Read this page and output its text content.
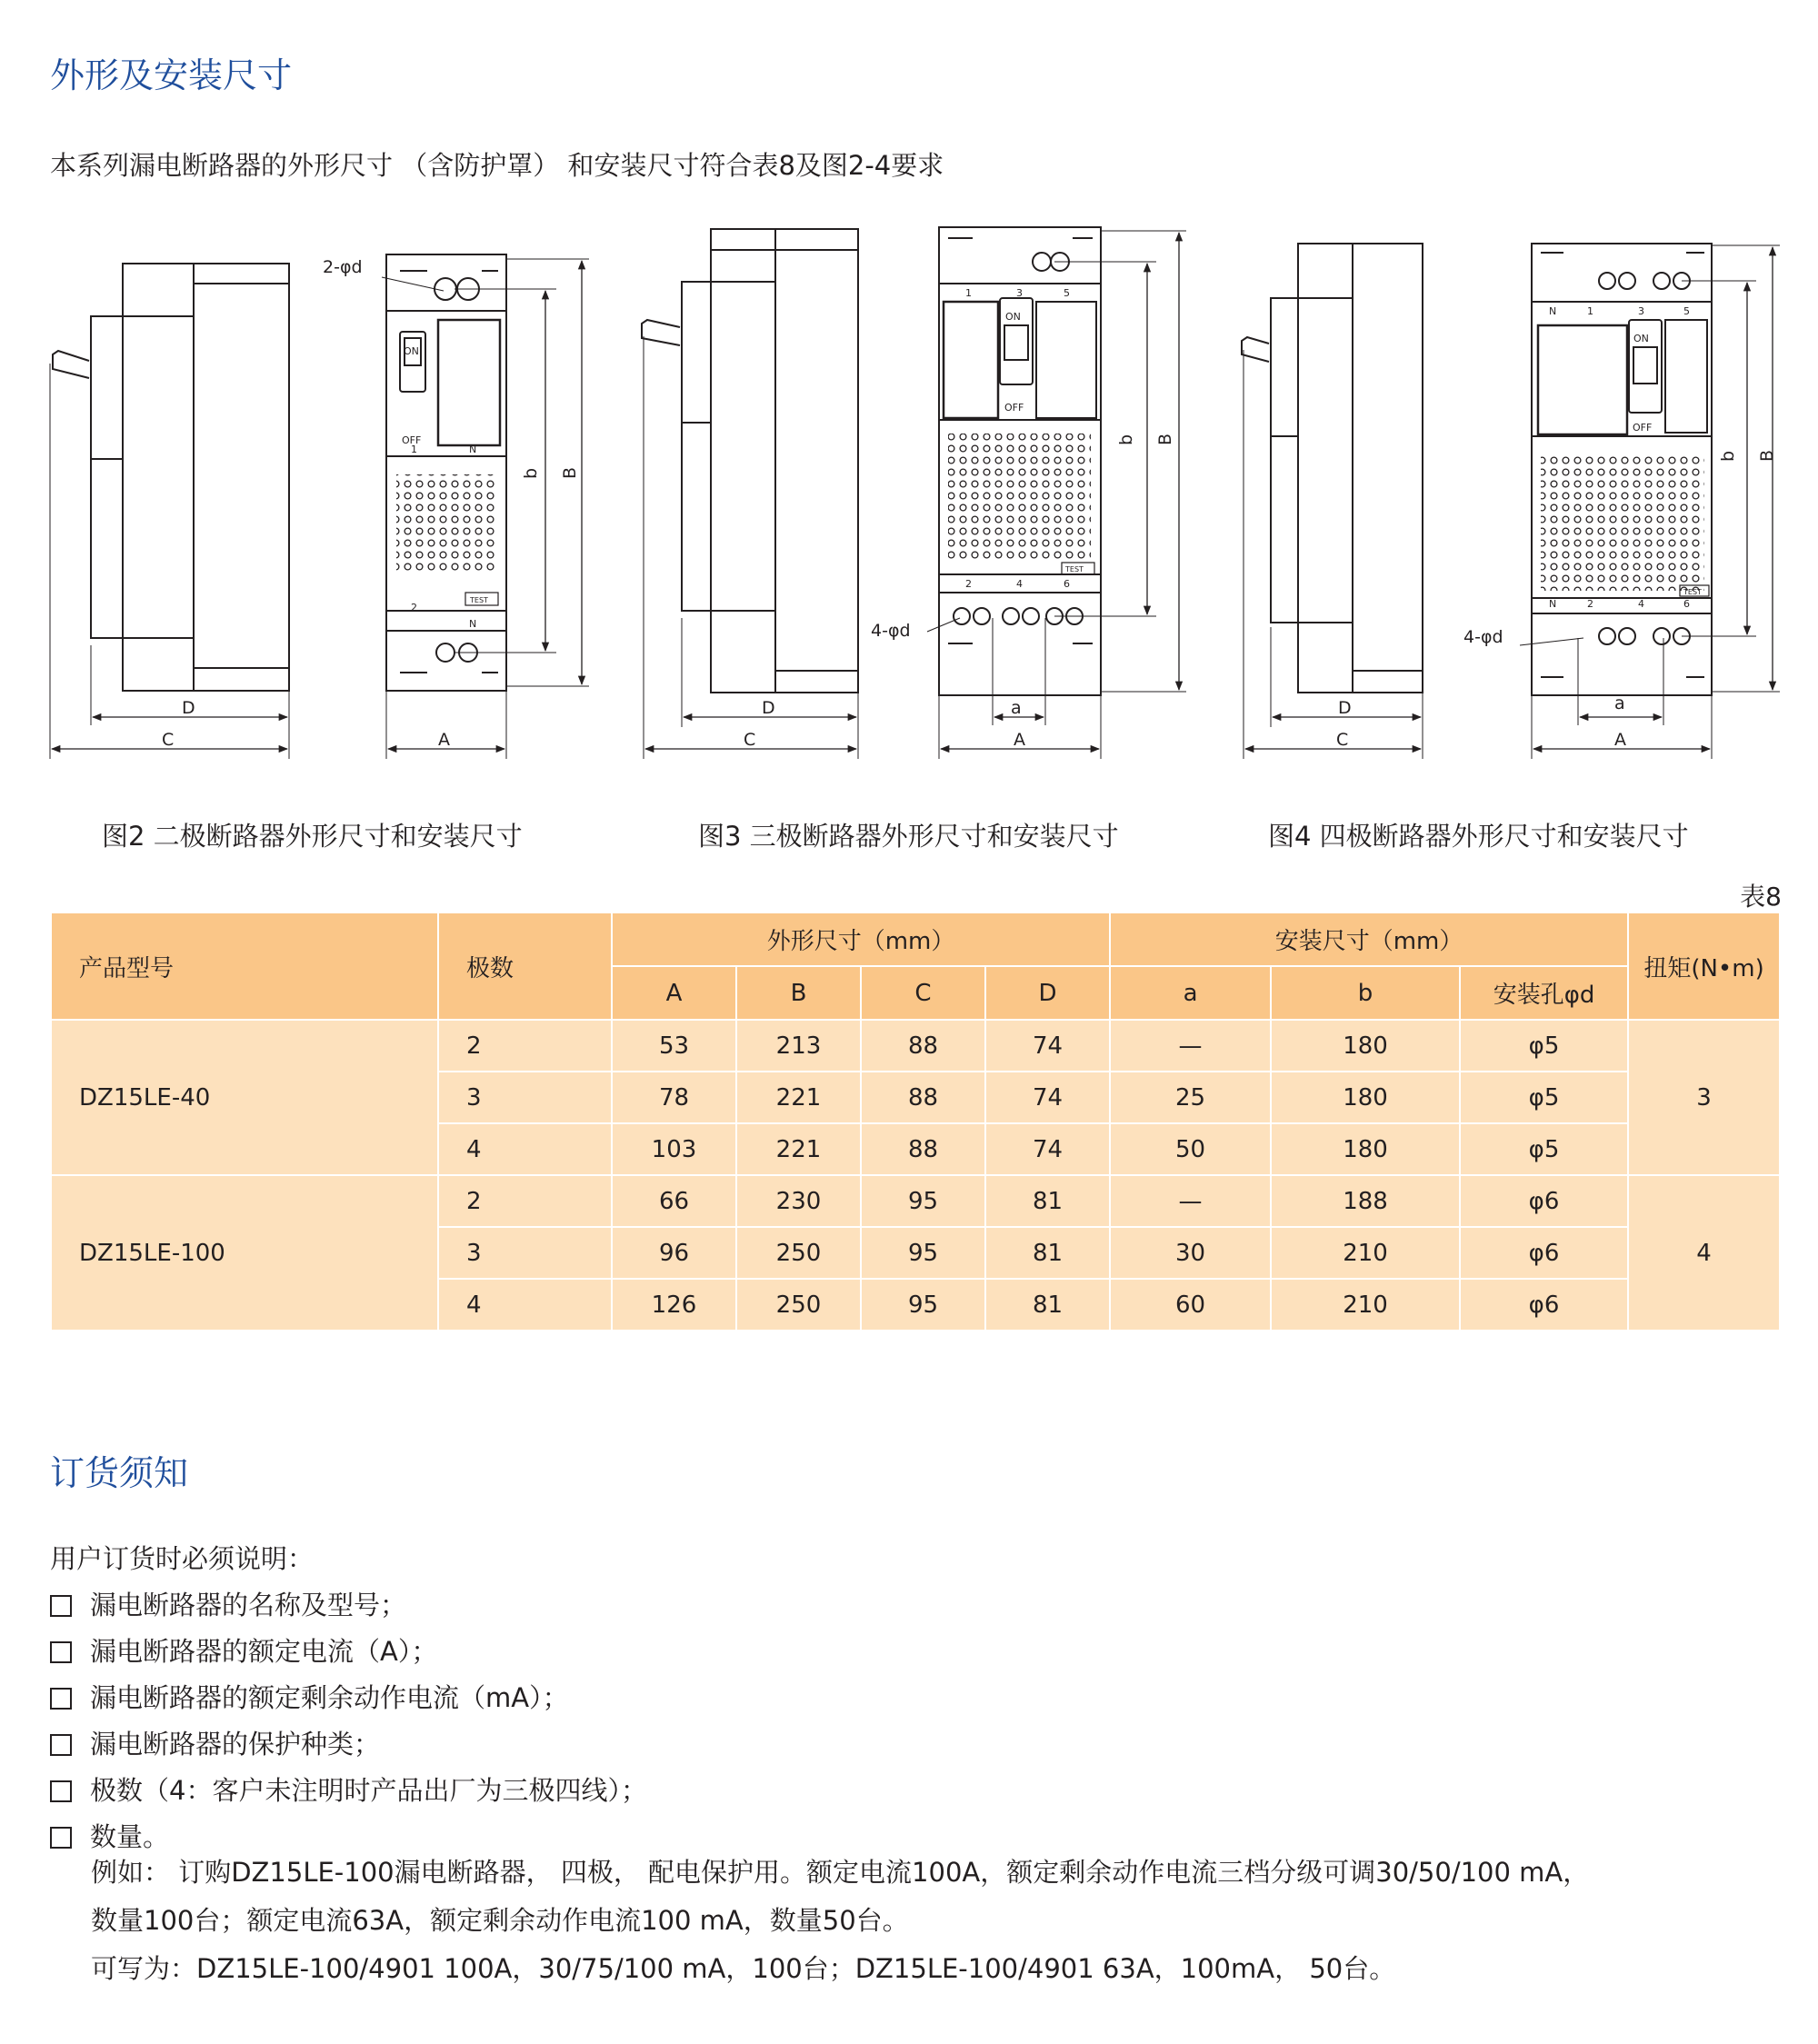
外形及安装尺寸
本系列漏电断路器的外形尺寸 （含防护罩） 和安装尺寸符合表8及图2-4要求
D
C	A
b B
2-φd
D
C
a
A
b B
4-φd
D
C
a
A
b B
4-φd
ON
OFF
TEST
1	N
2
N
ON
OFF
TEST
1	3	5
2	4	6
ON
OFF
TEST
N	1	3	5
N	2	4	6
图2 二极断路器外形尺寸和安装尺寸	图3 三极断路器外形尺寸和安装尺寸	图4 四极断路器外形尺寸和安装尺寸
表8
产品型号	极数	外形尺寸（mm）				安装尺寸（mm）			扭矩(N•m)
		A	B	C	D	a	b	安装孔φd	
DZ15LE-40	2	53	213	88	74	—	180	φ5	3
	3	78	221	88	74	25	180	φ5	
	4	103	221	88	74	50	180	φ5	
DZ15LE-100	2	66	230	95	81	—	188	φ6	4
	3	96	250	95	81	30	210	φ6	
	4	126	250	95	81	60	210	φ6	
订货须知
用户订货时必须说明：
漏电断路器的名称及型号；
漏电断路器的额定电流（A）；
漏电断路器的额定剩余动作电流（mA）；
漏电断路器的保护种类；
极数（4：客户未注明时产品出厂为三极四线）；
数量。
例如： 订购DZ15LE-100漏电断路器， 四极， 配电保护用。额定电流100A，额定剩余动作电流三档分级可调30/50/100 mA，
数量100台；额定电流63A，额定剩余动作电流100 mA，数量50台。
可写为：DZ15LE-100/4901 100A，30/75/100 mA，100台；DZ15LE-100/4901 63A，100mA， 50台。
